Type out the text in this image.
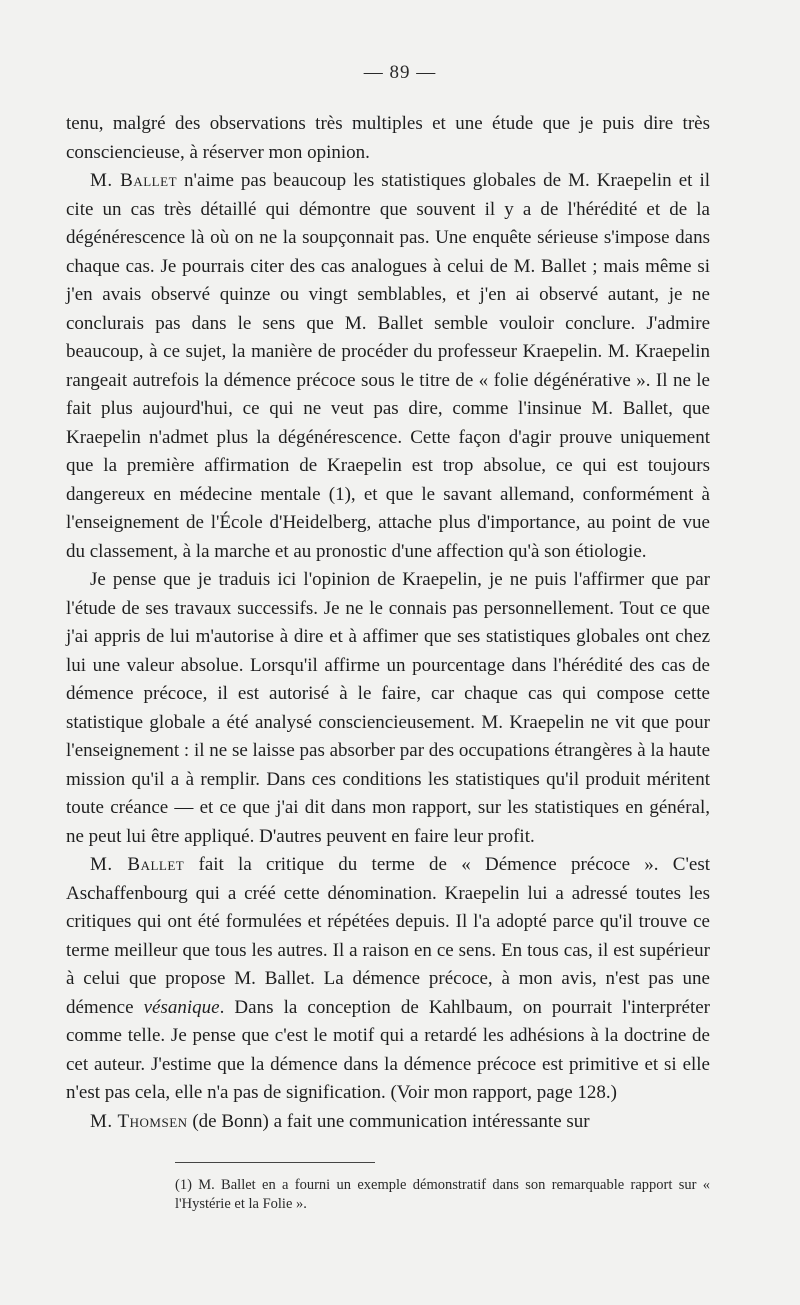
— 89 —

tenu, malgré des observations très multiples et une étude que je puis dire très consciencieuse, à réserver mon opinion.

M. Ballet n'aime pas beaucoup les statistiques globales de M. Kraepelin et il cite un cas très détaillé qui démontre que souvent il y a de l'hérédité et de la dégénérescence là où on ne la soupçonnait pas. Une enquête sérieuse s'impose dans chaque cas. Je pourrais citer des cas analogues à celui de M. Ballet ; mais même si j'en avais observé quinze ou vingt semblables, et j'en ai observé autant, je ne conclurais pas dans le sens que M. Ballet semble vouloir conclure. J'admire beaucoup, à ce sujet, la manière de procéder du professeur Kraepelin. M. Kraepelin rangeait autrefois la démence précoce sous le titre de « folie dégénérative ». Il ne le fait plus aujourd'hui, ce qui ne veut pas dire, comme l'insinue M. Ballet, que Kraepelin n'admet plus la dégénérescence. Cette façon d'agir prouve uniquement que la première affirmation de Kraepelin est trop absolue, ce qui est toujours dangereux en médecine mentale (1), et que le savant allemand, conformément à l'enseignement de l'École d'Heidelberg, attache plus d'importance, au point de vue du classement, à la marche et au pronostic d'une affection qu'à son étiologie.

Je pense que je traduis ici l'opinion de Kraepelin, je ne puis l'affirmer que par l'étude de ses travaux successifs. Je ne le connais pas personnellement. Tout ce que j'ai appris de lui m'autorise à dire et à affimer que ses statistiques globales ont chez lui une valeur absolue. Lorsqu'il affirme un pourcentage dans l'hérédité des cas de démence précoce, il est autorisé à le faire, car chaque cas qui compose cette statistique globale a été analysé consciencieusement. M. Kraepelin ne vit que pour l'enseignement : il ne se laisse pas absorber par des occupations étrangères à la haute mission qu'il a à remplir. Dans ces conditions les statistiques qu'il produit méritent toute créance — et ce que j'ai dit dans mon rapport, sur les statistiques en général, ne peut lui être appliqué. D'autres peuvent en faire leur profit.

M. Ballet fait la critique du terme de « Démence précoce ». C'est Aschaffenbourg qui a créé cette dénomination. Kraepelin lui a adressé toutes les critiques qui ont été formulées et répétées depuis. Il l'a adopté parce qu'il trouve ce terme meilleur que tous les autres. Il a raison en ce sens. En tous cas, il est supérieur à celui que propose M. Ballet. La démence précoce, à mon avis, n'est pas une démence vésanique. Dans la conception de Kahlbaum, on pourrait l'interpréter comme telle. Je pense que c'est le motif qui a retardé les adhésions à la doctrine de cet auteur. J'estime que la démence dans la démence précoce est primitive et si elle n'est pas cela, elle n'a pas de signification. (Voir mon rapport, page 128.)

M. Thomsen (de Bonn) a fait une communication intéressante sur

(1) M. Ballet en a fourni un exemple démonstratif dans son remarquable rapport sur « l'Hystérie et la Folie ».
